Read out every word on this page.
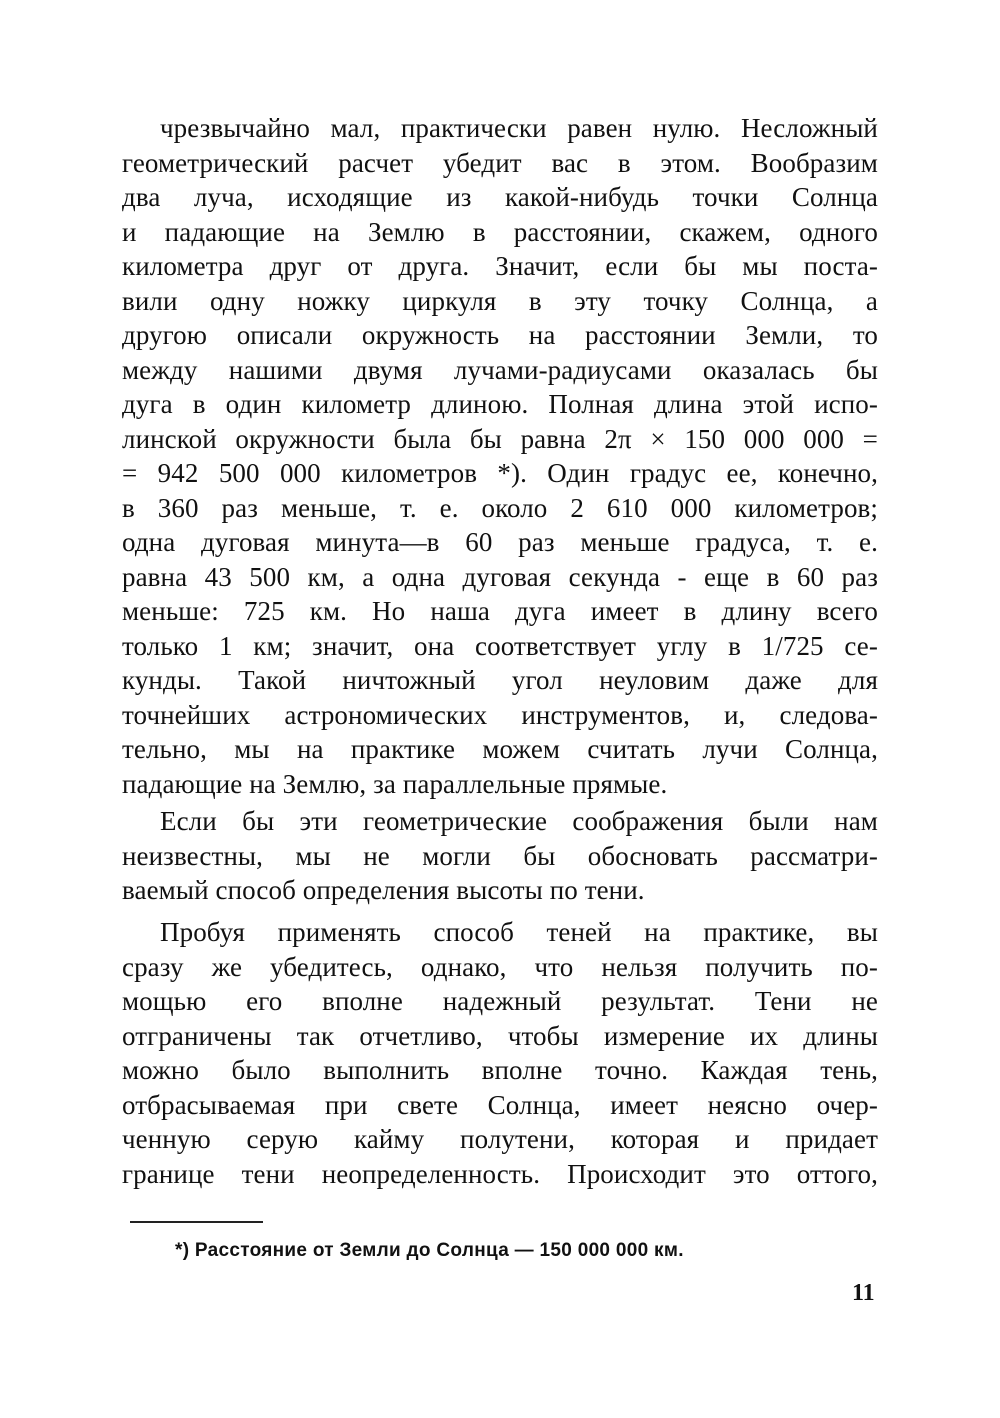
чрезвычайно мал, практически равен нулю. Несложный
геометрический расчет убедит вас в этом. Вообразим
два луча, исходящие из какой-нибудь точки Солнца
и падающие на Землю в расстоянии, скажем, одного
километра друг от друга. Значит, если бы мы поста-
вили одну ножку циркуля в эту точку Солнца, а
другою описали окружность на расстоянии Земли, то
между нашими двумя лучами-радиусами оказалась бы
дуга в один километр длиною. Полная длина этой испо-
линской окружности была бы равна 2π × 150 000 000 =
= 942 500 000 километров *). Один градус ее, конечно,
в 360 раз меньше, т. е. около 2 610 000 километров;
одна дуговая минута—в 60 раз меньше градуса, т. е.
равна 43 500 км, а одна дуговая секунда - еще в 60 раз
меньше: 725 км. Но наша дуга имеет в длину всего
только 1 км; значит, она соответствует углу в 1/725 се-
кунды. Такой ничтожный угол неуловим даже для
точнейших астрономических инструментов, и, следова-
тельно, мы на практике можем считать лучи Солнца,
падающие на Землю, за параллельные прямые.
Если бы эти геометрические соображения были нам
неизвестны, мы не могли бы обосновать рассматри-
ваемый способ определения высоты по тени.
Пробуя применять способ теней на практике, вы
сразу же убедитесь, однако, что нельзя получить по-
мощью его вполне надежный результат. Тени не
отграничены так отчетливо, чтобы измерение их длины
можно было выполнить вполне точно. Каждая тень,
отбрасываемая при свете Солнца, имеет неясно очер-
ченную серую кайму полутени, которая и придает
границе тени неопределенность. Происходит это оттого,
*) Расстояние от Земли до Солнца — 150 000 000 км.
11
